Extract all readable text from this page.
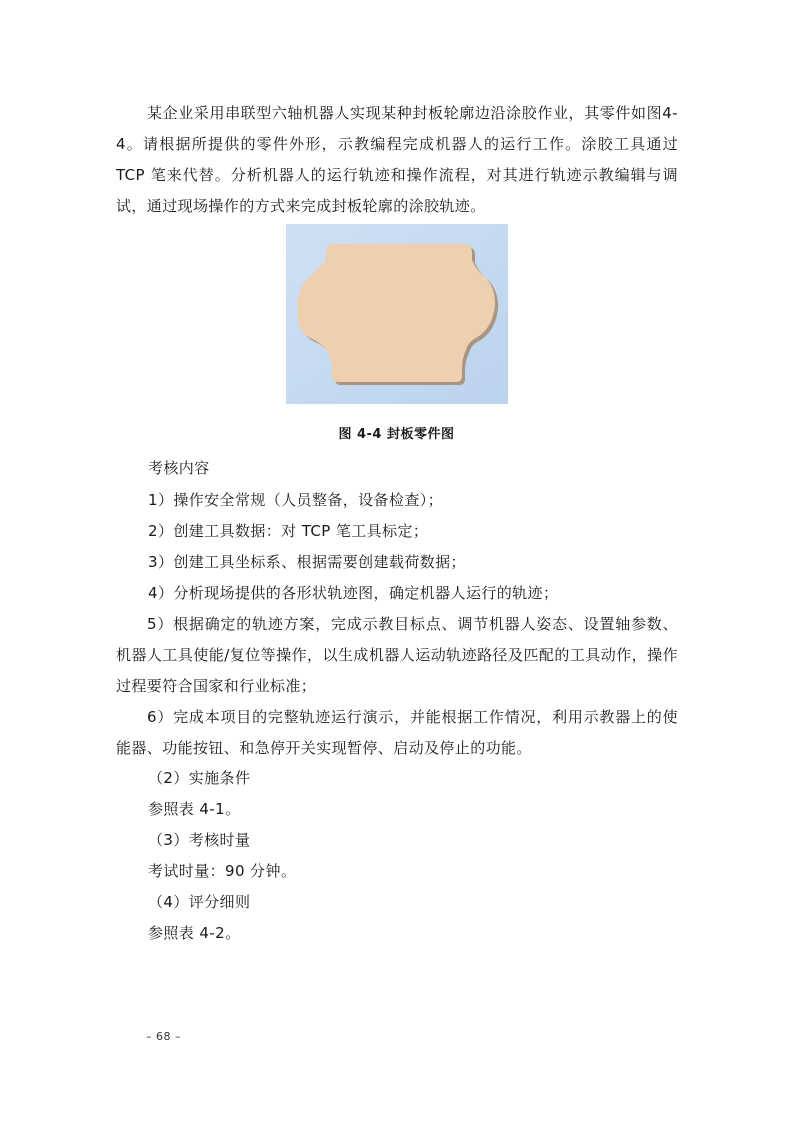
某企业采用串联型六轴机器人实现某种封板轮廓边沿涂胶作业，其零件如图4-4。请根据所提供的零件外形，示教编程完成机器人的运行工作。涂胶工具通过 TCP 笔来代替。分析机器人的运行轨迹和操作流程，对其进行轨迹示教编辑与调试，通过现场操作的方式来完成封板轮廓的涂胶轨迹。

图 4-4 封板零件图

考核内容

1）操作安全常规（人员整备，设备检查）；

2）创建工具数据：对 TCP 笔工具标定；

3）创建工具坐标系、根据需要创建载荷数据；

4）分析现场提供的各形状轨迹图，确定机器人运行的轨迹；

5）根据确定的轨迹方案，完成示教目标点、调节机器人姿态、设置轴参数、机器人工具使能/复位等操作，以生成机器人运动轨迹路径及匹配的工具动作，操作过程要符合国家和行业标准；

6）完成本项目的完整轨迹运行演示，并能根据工作情况，利用示教器上的使能器、功能按钮、和急停开关实现暂停、启动及停止的功能。

（2）实施条件

参照表 4-1。

（3）考核时量

考试时量：90 分钟。

（4）评分细则

参照表 4-2。

– 68 –
